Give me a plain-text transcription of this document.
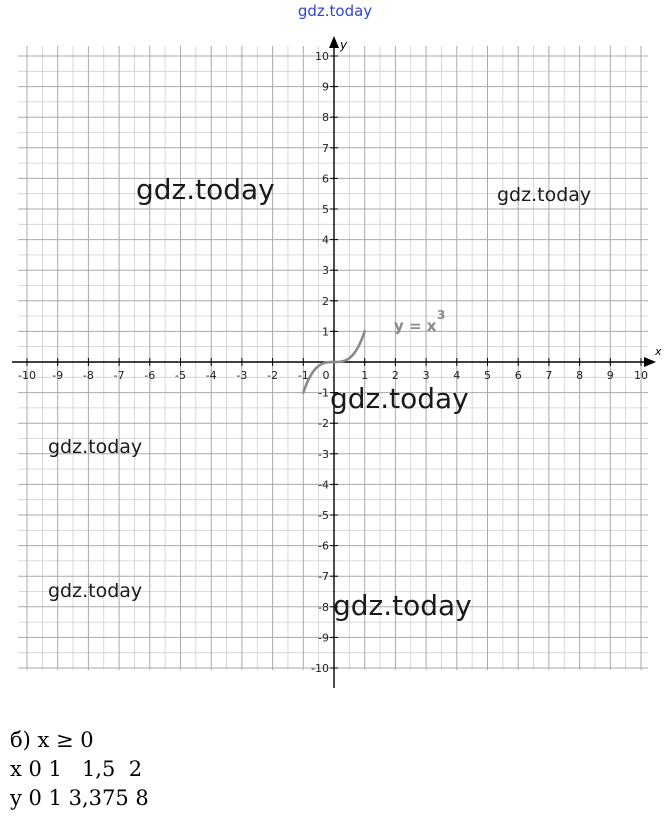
gdz.today
x
y
-10 -9 -8 -7 -6 -5 -4 -3 -2 -1 0	1 2 3 4 5 6 7 8 9 10
10
9
8
7
6
5
4
3
2
1
-1
-2
-3
-4
-5
-6
-7
-8
-9
-10
y = x
3
gdz.today	gdz.today
gdz.today
gdz.today
gdz.today	gdz.today
б) x ≥ 0
x 0 1   1,5  2
y 0 1 3,375 8
